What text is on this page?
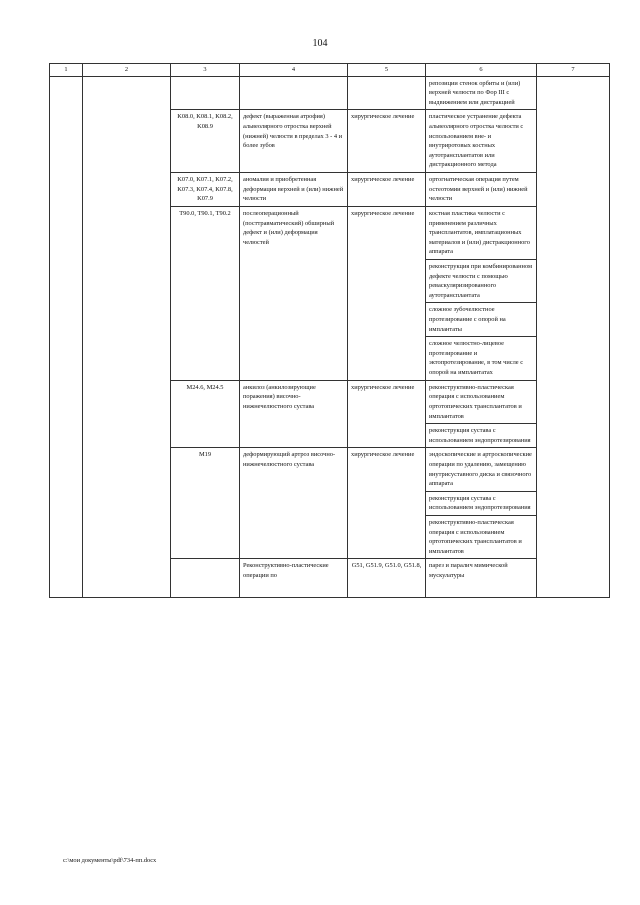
104
1	2	3	4	5	6	7	
					репозиции стенок орбиты и (или) верхней челюсти по Фор III с выдвижением или дистракцией		
		K08.0, K08.1, K08.2, K08.9	дефект (выраженная атрофия) альвеолярного отростка верхней (нижней) челюсти в пределах 3 - 4 и более зубов	хирургическое лечение	пластическое устранение дефекта альвеолярного отростка челюсти с использованием вне- и внутриротовых костных аутотрансплантатов или дистракционного метода		
		K07.0, K07.1, K07.2, K07.3, K07.4, K07.8, K07.9	аномалия и приобретенная деформация верхней и (или) нижней челюсти	хирургическое лечение	ортогнатическая операция путем остеотомии верхней и (или) нижней челюсти		
		T90.0, T90.1, T90.2	послеоперационный (посттравматический) обширный дефект и (или) деформация челюстей	хирургическое лечение	костная пластика челюсти с применением различных трансплантатов, имплатационных материалов и (или) дистракционного аппарата		
					реконструкция при комбинированном дефекте челюсти с помощью реваскуляризированного аутотрансплантата		
					сложное зубочелюстное протезирование с опорой на имплантаты		
					сложное челюстно-лицевое протезирование и эктопротезирование, в том числе с опорой на имплантатах		
		M24.6, M24.5	анкилоз (анкилозирующие поражения) височно-нижнечелюстного сустава	хирургическое лечение	реконструктивно-пластическая операция с использованием ортотопических трансплантатов и имплантатов		
					реконструкция сустава с использованием эндопротезирования		
		M19	деформирующий артроз височно-нижнечелюстного сустава	хирургическое лечение	эндоскопические и артроскопические операции по удалению, замещению внутрисуставного диска и связочного аппарата		
					реконструкция сустава с использованием эндопротезирования		
					реконструктивно-пластическая операция с использованием ортотопических трансплантатов и имплантатов		
			Реконструктивно-пластические операции по	G51, G51.9, G51.0, G51.8,	парез и паралич мимической мускулатуры			

c:\мои документы\pdf\734-пп.docx
